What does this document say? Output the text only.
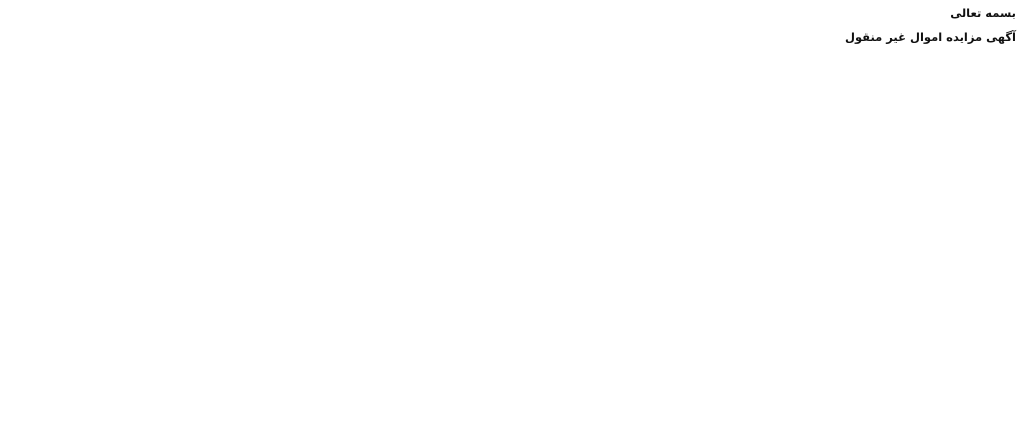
بسمه تعالی

آگهی مزایده اموال غیر منقول
